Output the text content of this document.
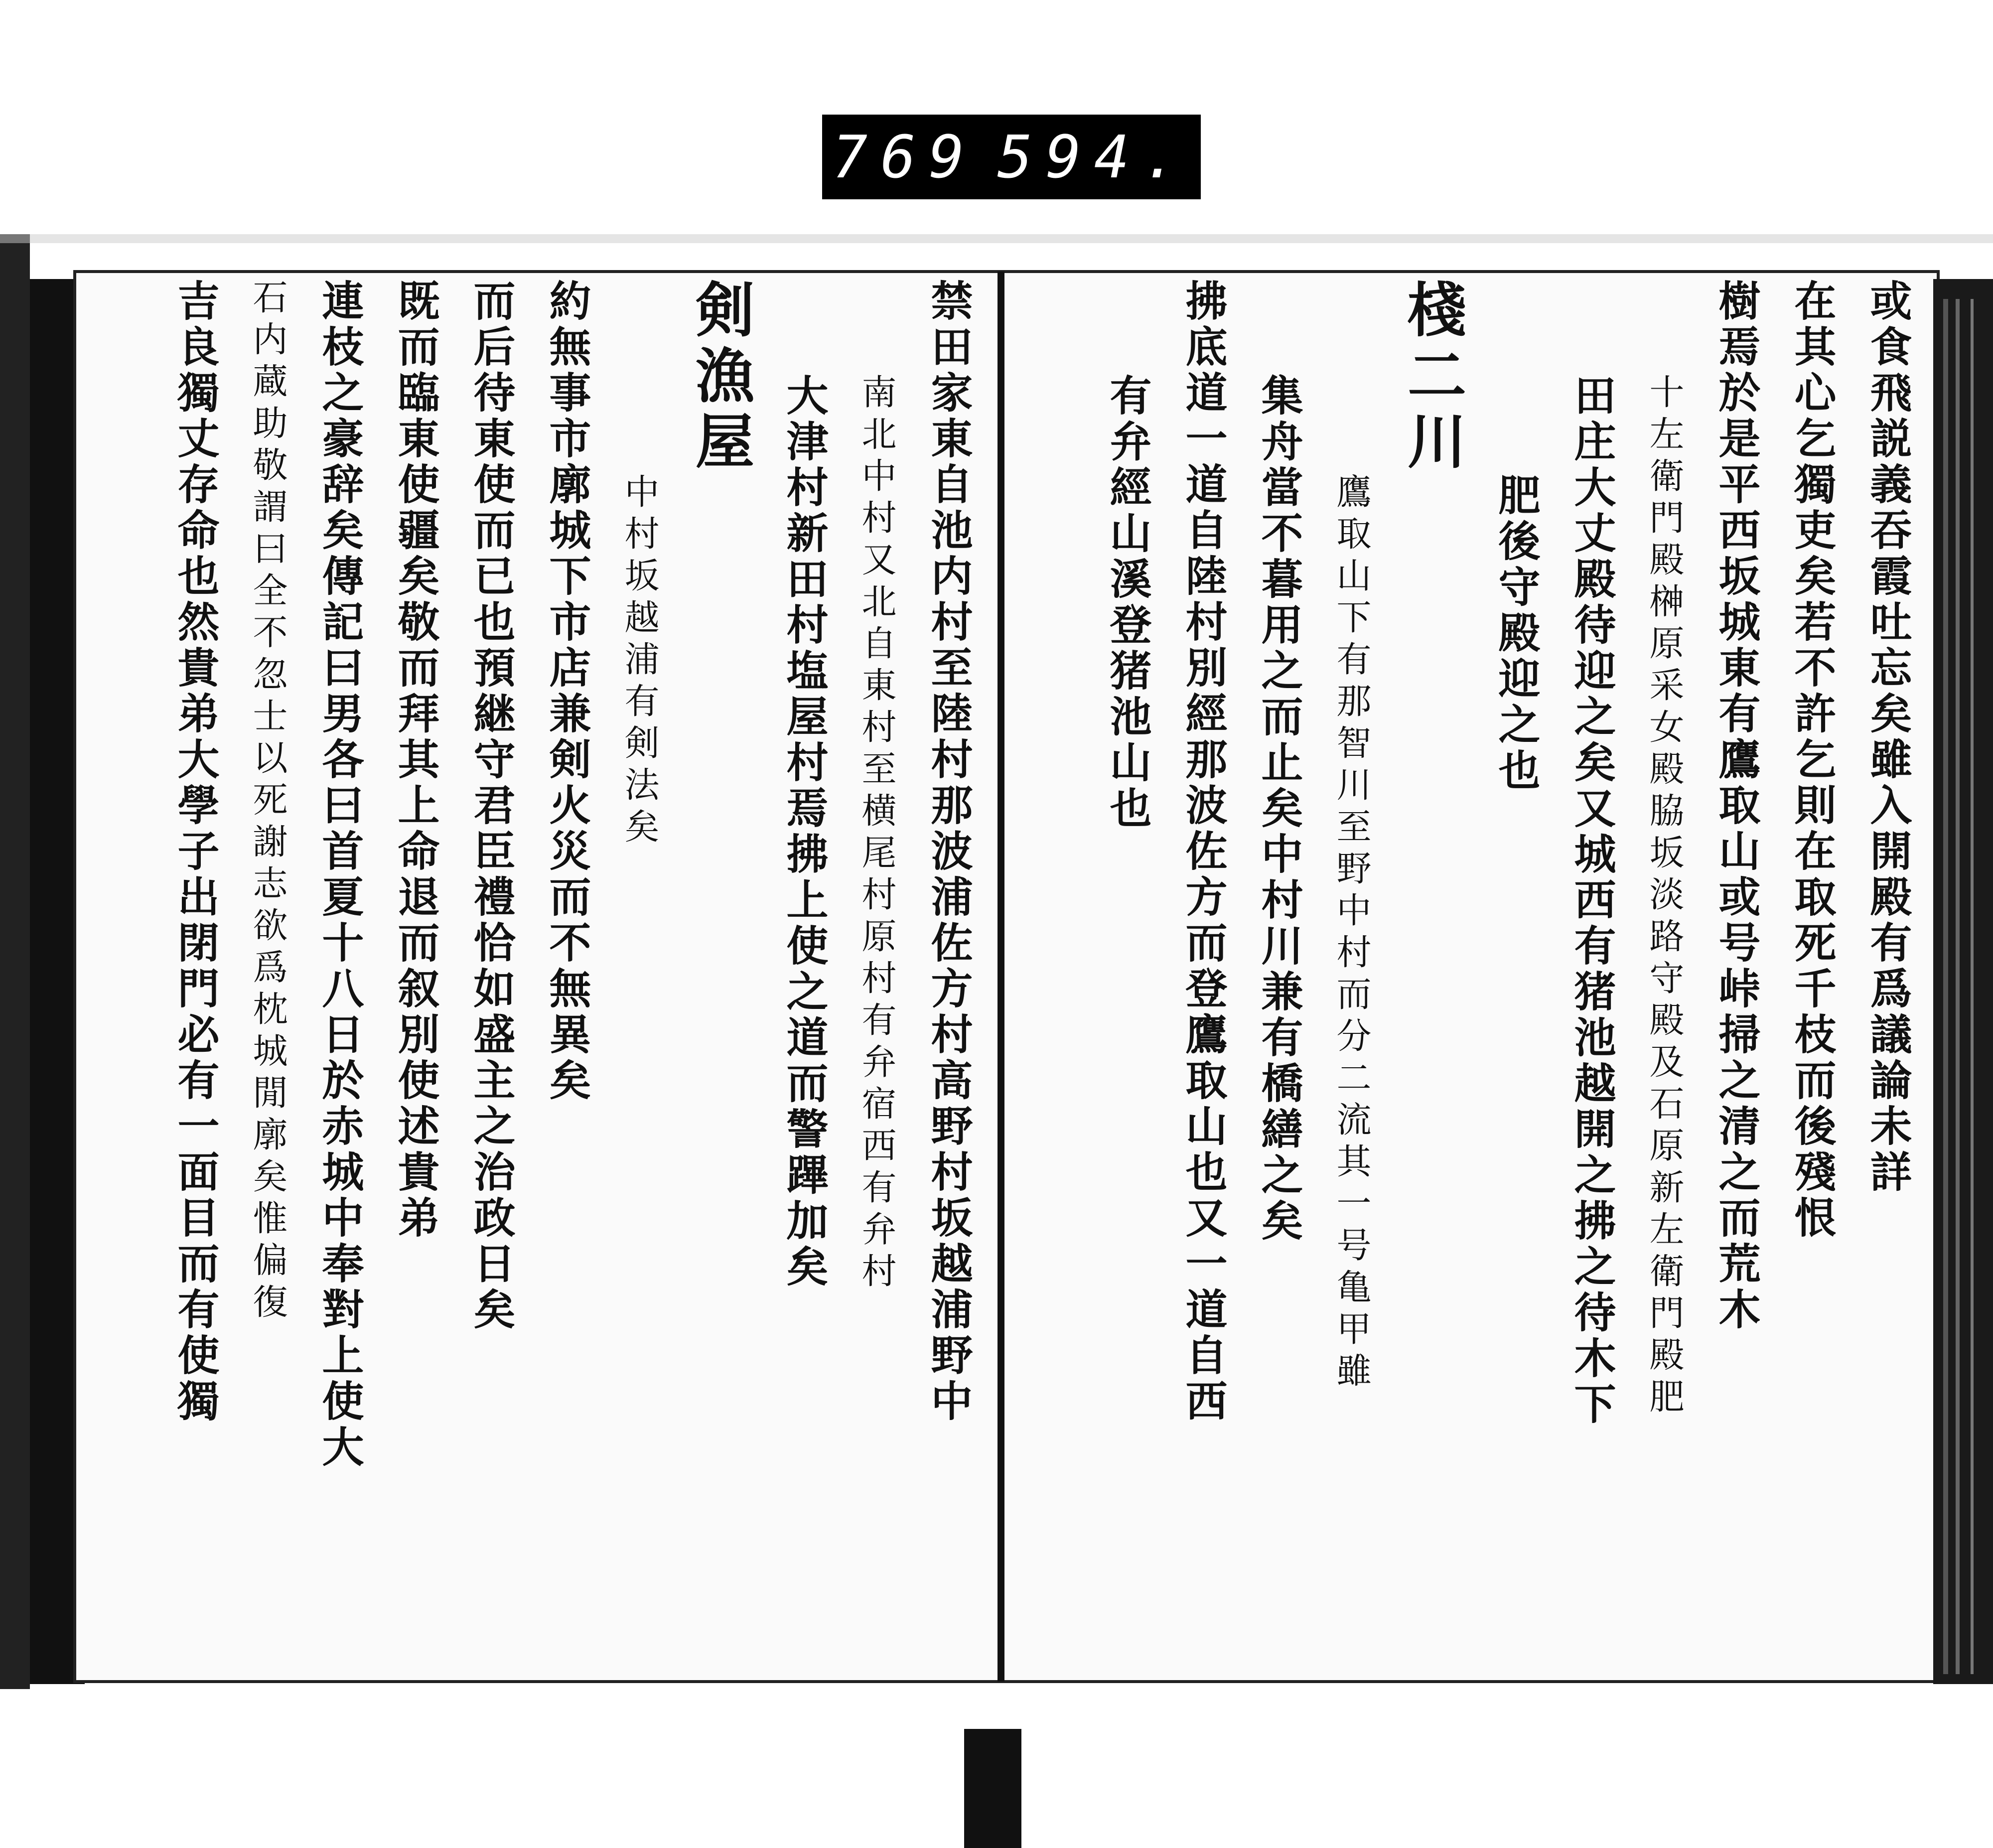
769 594.
或食飛説義吞霞吐忘矣雖入開殿有爲議論未詳
在其心乞獨吏矣若不許乞則在取死千枝而後殘恨
樹焉於是平西坂城東有鷹取山或号峠掃之清之而荒木
十左衛門殿榊原采女殿脇坂淡路守殿及石原新左衛門殿肥
田庄大丈殿待迎之矣又城西有猪池越開之拂之待木下
肥後守殿迎之也
棧二川
鷹取山下有那智川至野中村而分二流其一号亀甲雖
集舟當不暮用之而止矣中村川兼有橋繕之矣
拂底道一道自陸村別經那波佐方而登鷹取山也又一道自西
有弁經山溪登猪池山也
禁田家東自池内村至陸村那波浦佐方村高野村坂越浦野中
南北中村又北自東村至横尾村原村有弁宿西有弁村
大津村新田村塩屋村焉拂上使之道而警蹕加矣
剣漁屋
中村坂越浦有剣法矣
約無事市廓城下市店兼剣火災而不無異矣
而后待東使而已也預継守君臣禮恰如盛主之治政日矣
既而臨東使疆矣敬而拜其上命退而叙別使述貴弟
連枝之豪辞矣傳記曰男各曰首夏十八日於赤城中奉對上使大
石内蔵助敬謂曰全不忽士以死謝志欲爲枕城閒廓矣惟偏復
吉良獨丈存命也然貴弟大學子出閉門必有一面目而有使獨
